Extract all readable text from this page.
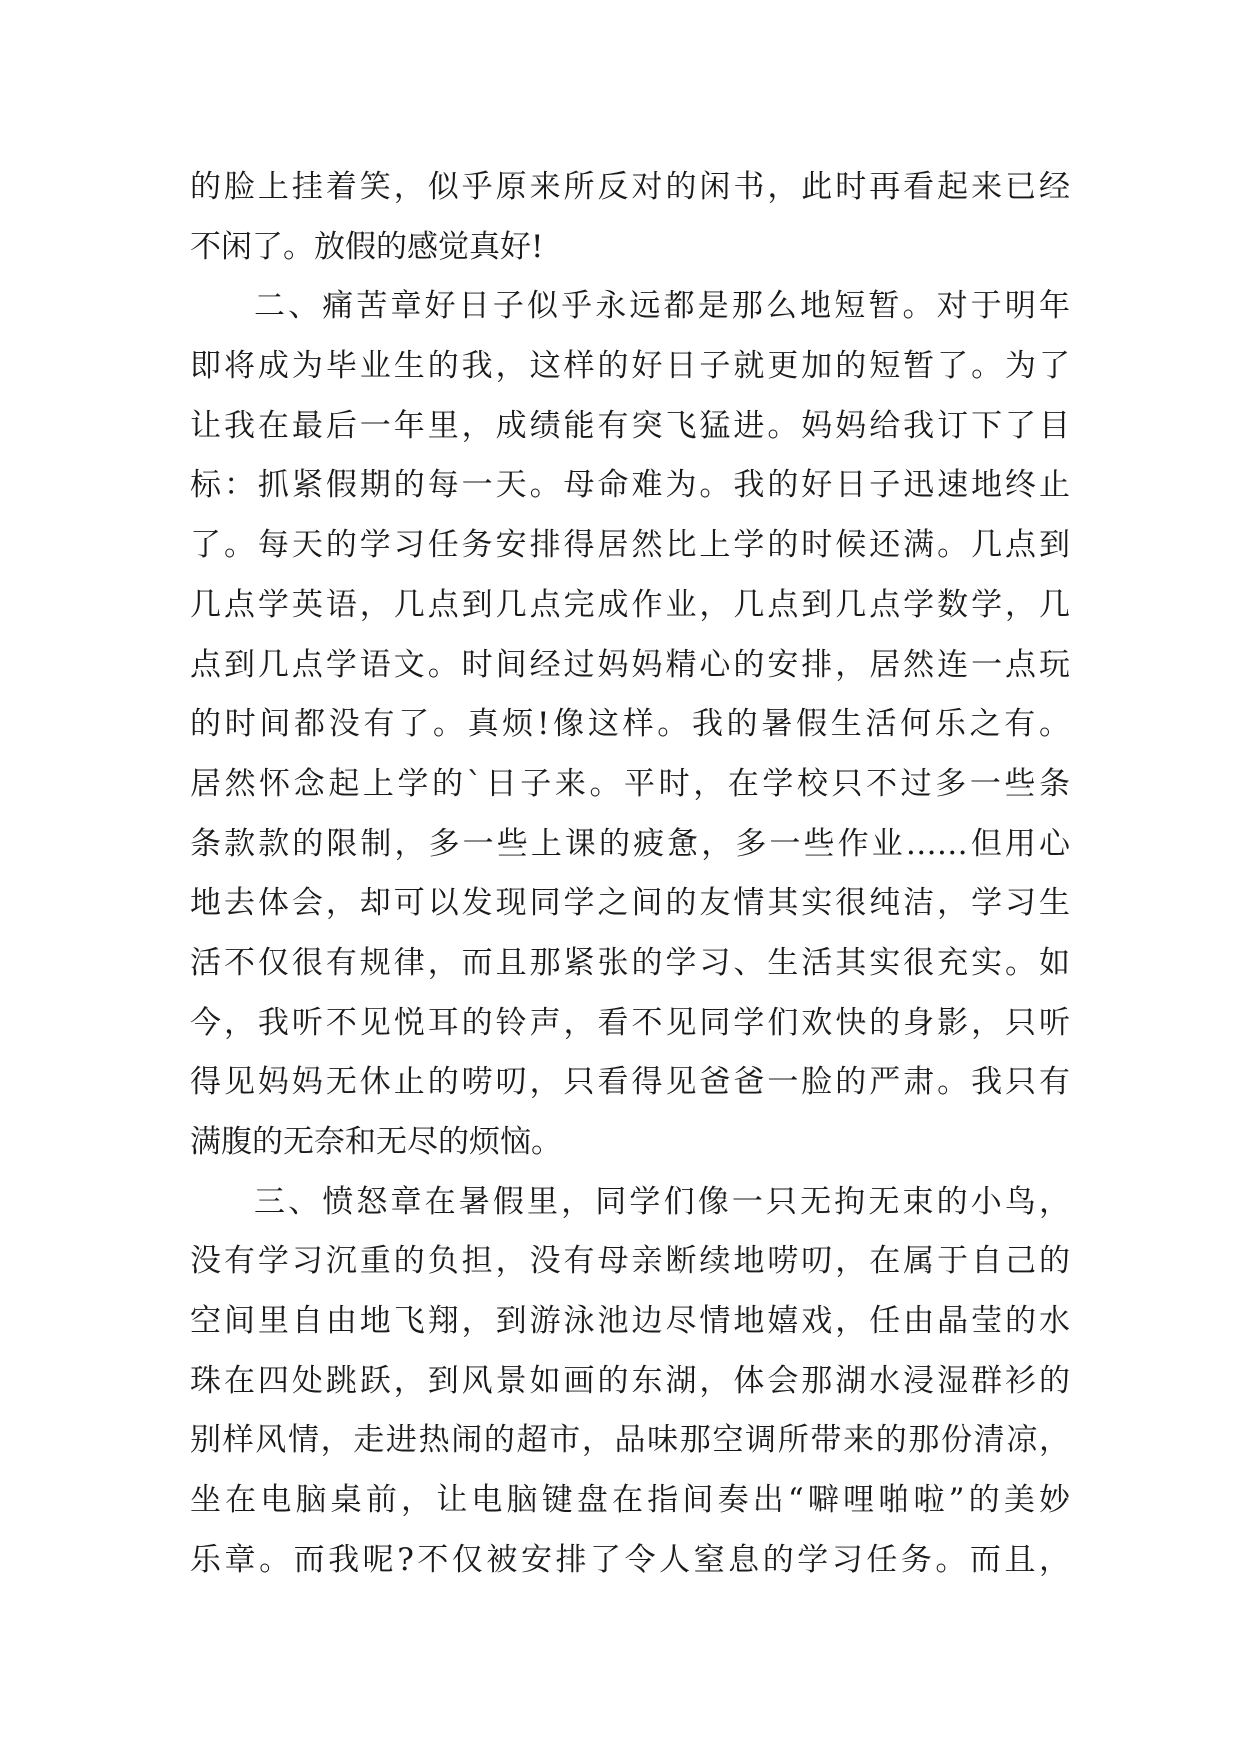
的脸上挂着笑，似乎原来所反对的闲书，此时再看起来已经
不闲了。放假的感觉真好!
二、痛苦章好日子似乎永远都是那么地短暂。对于明年
即将成为毕业生的我，这样的好日子就更加的短暂了。为了
让我在最后一年里，成绩能有突飞猛进。妈妈给我订下了目
标：抓紧假期的每一天。母命难为。我的好日子迅速地终止
了。每天的学习任务安排得居然比上学的时候还满。几点到
几点学英语，几点到几点完成作业，几点到几点学数学，几
点到几点学语文。时间经过妈妈精心的安排，居然连一点玩
的时间都没有了。真烦!像这样。我的暑假生活何乐之有。
居然怀念起上学的`日子来。平时，在学校只不过多一些条
条款款的限制，多一些上课的疲惫，多一些作业……但用心
地去体会，却可以发现同学之间的友情其实很纯洁，学习生
活不仅很有规律，而且那紧张的学习、生活其实很充实。如
今，我听不见悦耳的铃声，看不见同学们欢快的身影，只听
得见妈妈无休止的唠叨，只看得见爸爸一脸的严肃。我只有
满腹的无奈和无尽的烦恼。
三、愤怒章在暑假里，同学们像一只无拘无束的小鸟，
没有学习沉重的负担，没有母亲断续地唠叨，在属于自己的
空间里自由地飞翔，到游泳池边尽情地嬉戏，任由晶莹的水
珠在四处跳跃，到风景如画的东湖，体会那湖水浸湿群衫的
别样风情，走进热闹的超市，品味那空调所带来的那份清凉，
坐在电脑桌前，让电脑键盘在指间奏出“噼哩啪啦”的美妙
乐章。而我呢?不仅被安排了令人窒息的学习任务。而且，
